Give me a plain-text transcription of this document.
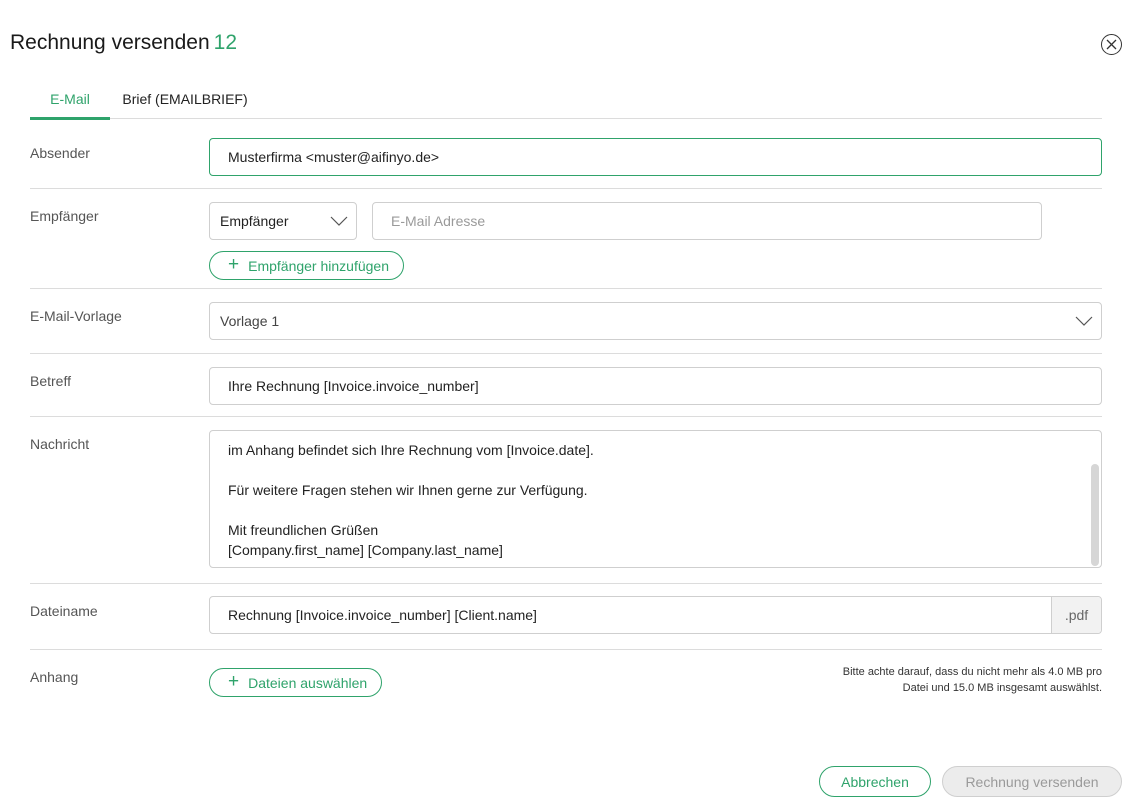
Rechnung versenden 12
E-Mail	Brief (EMAILBRIEF)
Absender	Musterfirma <muster@aifinyo.de>
Empfänger	Empfänger	E-Mail Adresse
+ Empfänger hinzufügen
E-Mail-Vorlage	Vorlage 1
Betreff	Ihre Rechnung [Invoice.invoice_number]
Nachricht	im Anhang befindet sich Ihre Rechnung vom [Invoice.date].

Für weitere Fragen stehen wir Ihnen gerne zur Verfügung.

Mit freundlichen Grüßen

[Company.first_name] [Company.last_name]

Dateiname	Rechnung [Invoice.invoice_number] [Client.name]	.pdf
Anhang	+ Dateien auswählen
Bitte achte darauf, dass du nicht mehr als 4.0 MB pro
Datei und 15.0 MB insgesamt auswählst.
Abbrechen	Rechnung versenden
